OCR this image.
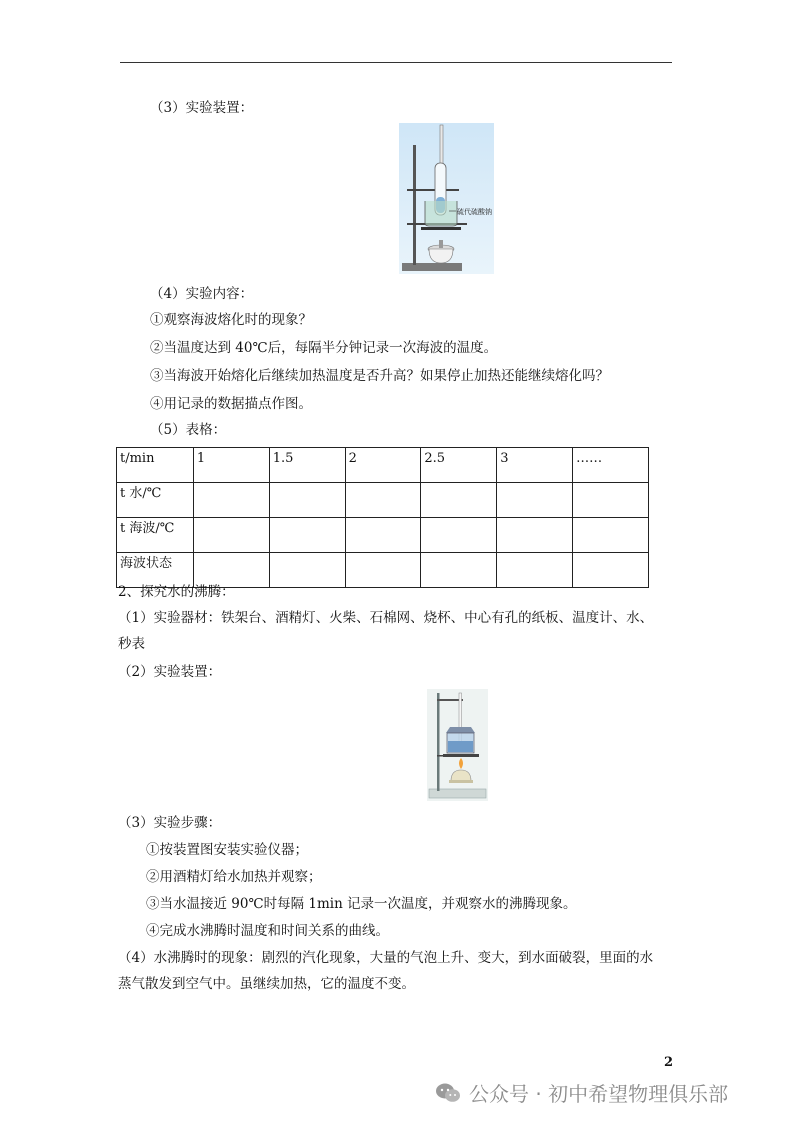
（3）实验装置：
硫代硫酸钠
（4）实验内容：
①观察海波熔化时的现象？
②当温度达到 40℃后，每隔半分钟记录一次海波的温度。
③当海波开始熔化后继续加热温度是否升高？如果停止加热还能继续熔化吗？
④用记录的数据描点作图。
（5）表格：
t/min	1	1.5	2	2.5	3	……
t 水/℃						
t 海波/℃						
海波状态						
2、探究水的沸腾：
（1）实验器材：铁架台、酒精灯、火柴、石棉网、烧杯、中心有孔的纸板、温度计、水、
秒表
（2）实验装置：
（3）实验步骤：
①按装置图安装实验仪器；
②用酒精灯给水加热并观察；
③当水温接近 90℃时每隔 1min 记录一次温度，并观察水的沸腾现象。
④完成水沸腾时温度和时间关系的曲线。
（4）水沸腾时的现象：剧烈的汽化现象，大量的气泡上升、变大，到水面破裂，里面的水
蒸气散发到空气中。虽继续加热，它的温度不变。
2
公众号 · 初中希望物理俱乐部
